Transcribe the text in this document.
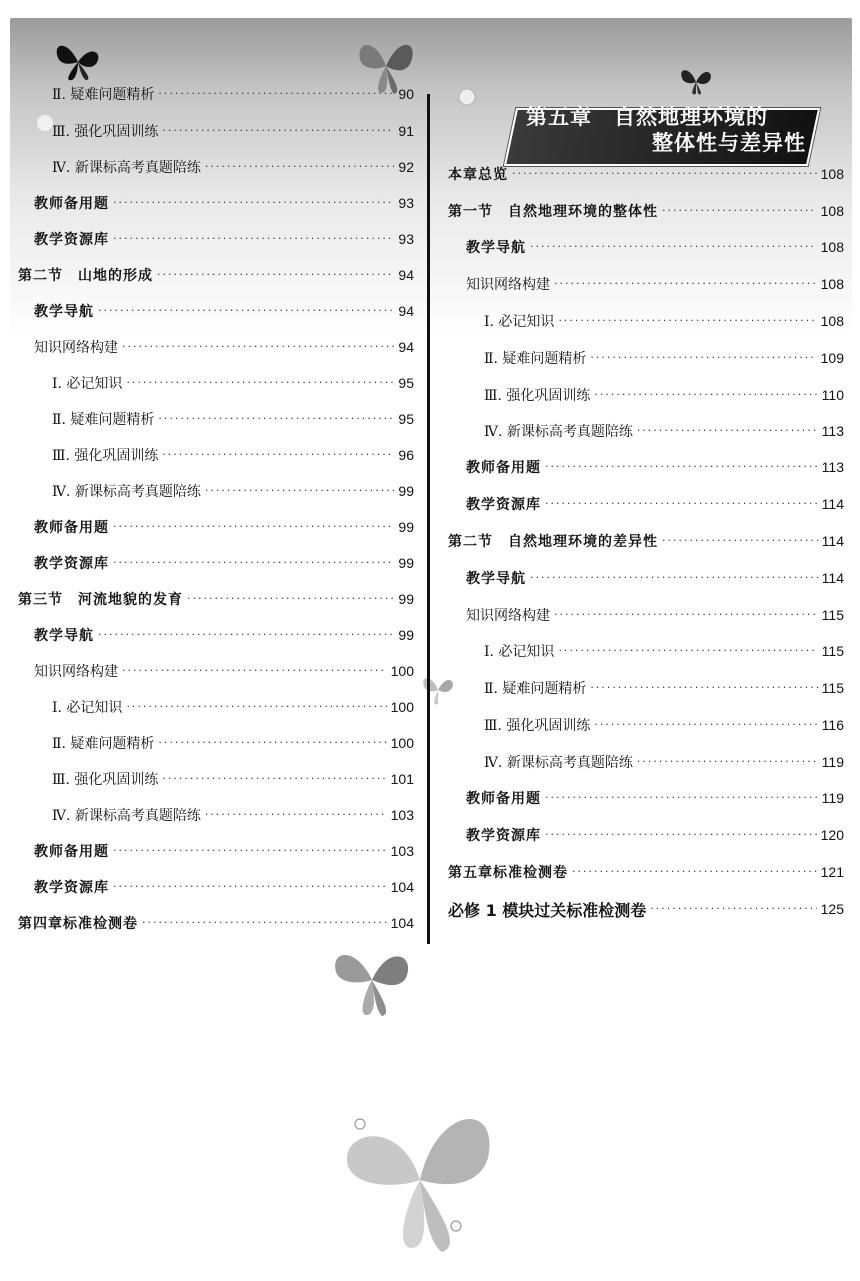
第五章　自然地理环境的
整体性与差异性
Ⅱ. 疑难问题精析 ·····	90
Ⅲ. 强化巩固训练 ·····	91
Ⅳ. 新课标高考真题陪练 ·····	92
教师备用题 ·····	93
教学资源库 ·····	93
第二节　山地的形成 ·····	94
教学导航 ·····	94
知识网络构建 ·····	94
Ⅰ. 必记知识 ·····	95
Ⅱ. 疑难问题精析 ·····	95
Ⅲ. 强化巩固训练 ·····	96
Ⅳ. 新课标高考真题陪练 ·····	99
教师备用题 ·····	99
教学资源库 ·····	99
第三节　河流地貌的发育 ·····	99
教学导航 ·····	99
知识网络构建 ·····	100
Ⅰ. 必记知识 ·····	100
Ⅱ. 疑难问题精析 ·····	100
Ⅲ. 强化巩固训练 ·····	101
Ⅳ. 新课标高考真题陪练 ·····	103
教师备用题 ·····	103
教学资源库 ·····	104
第四章标准检测卷 ·····	104
本章总览 ·····	108
第一节　自然地理环境的整体性 ·····	108
教学导航 ·····	108
知识网络构建 ·····	108
Ⅰ. 必记知识 ·····	108
Ⅱ. 疑难问题精析 ·····	109
Ⅲ. 强化巩固训练 ·····	110
Ⅳ. 新课标高考真题陪练 ·····	113
教师备用题 ·····	113
教学资源库 ·····	114
第二节　自然地理环境的差异性 ·····	114
教学导航 ·····	114
知识网络构建 ·····	115
Ⅰ. 必记知识 ·····	115
Ⅱ. 疑难问题精析 ·····	115
Ⅲ. 强化巩固训练 ·····	116
Ⅳ. 新课标高考真题陪练 ·····	119
教师备用题 ·····	119
教学资源库 ·····	120
第五章标准检测卷 ·····	121
必修 1 模块过关标准检测卷 ·····	125
